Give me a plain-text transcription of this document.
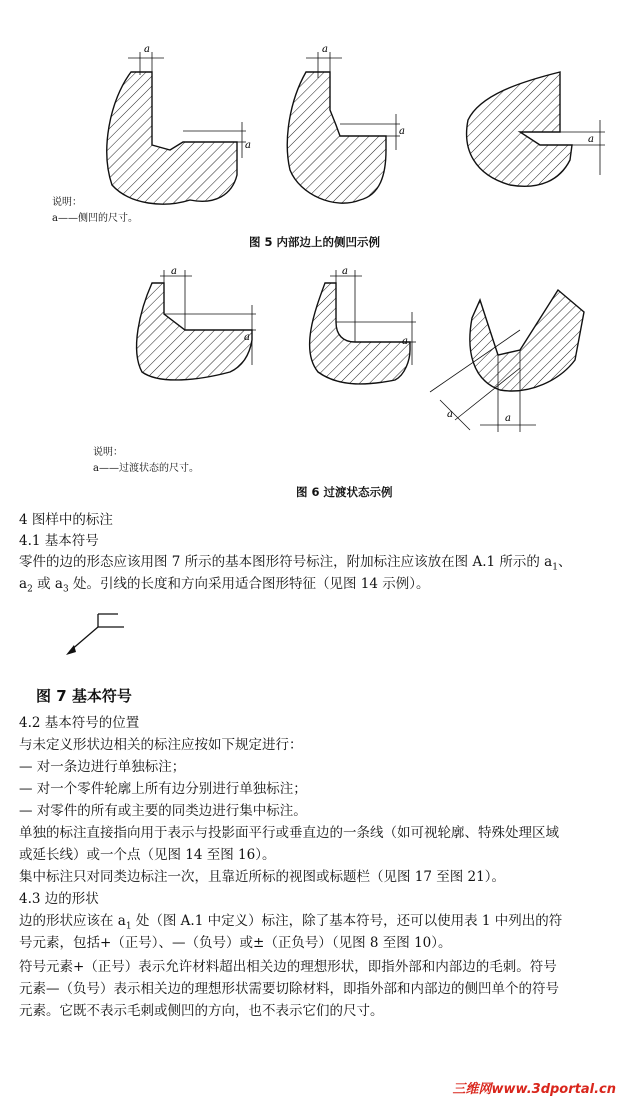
a
a
a
a
a
a
a
a
a
a	a
说明：
a——侧凹的尺寸。
图 5 内部边上的侧凹示例
说明：
a——过渡状态的尺寸。
图 6 过渡状态示例
4 图样中的标注
4.1 基本符号
零件的边的形态应该用图 7 所示的基本图形符号标注，附加标注应该放在图 A.1 所示的 $a_1$、
$a_2$ 或 $a_3$ 处。引线的长度和方向采用适合图形特征（见图 14 示例）。
图 7 基本符号
4.2 基本符号的位置
与未定义形状边相关的标注应按如下规定进行：
— 对一条边进行单独标注；
— 对一个零件轮廓上所有边分别进行单独标注；
— 对零件的所有或主要的同类边进行集中标注。
单独的标注直接指向用于表示与投影面平行或垂直边的一条线（如可视轮廓、特殊处理区域
或延长线）或一个点（见图 14 至图 16）。
集中标注只对同类边标注一次，且靠近所标的视图或标题栏（见图 17 至图 21）。
4.3 边的形状
边的形状应该在 $a_1$ 处（图 A.1 中定义）标注，除了基本符号，还可以使用表 1 中列出的符
号元素，包括+（正号）、—（负号）或±（正负号）（见图 8 至图 10）。
符号元素+（正号）表示允许材料超出相关边的理想形状，即指外部和内部边的毛刺。符号
元素—（负号）表示相关边的理想形状需要切除材料，即指外部和内部边的侧凹单个的符号
元素。它既不表示毛刺或侧凹的方向，也不表示它们的尺寸。
三维网www.3dportal.cn
